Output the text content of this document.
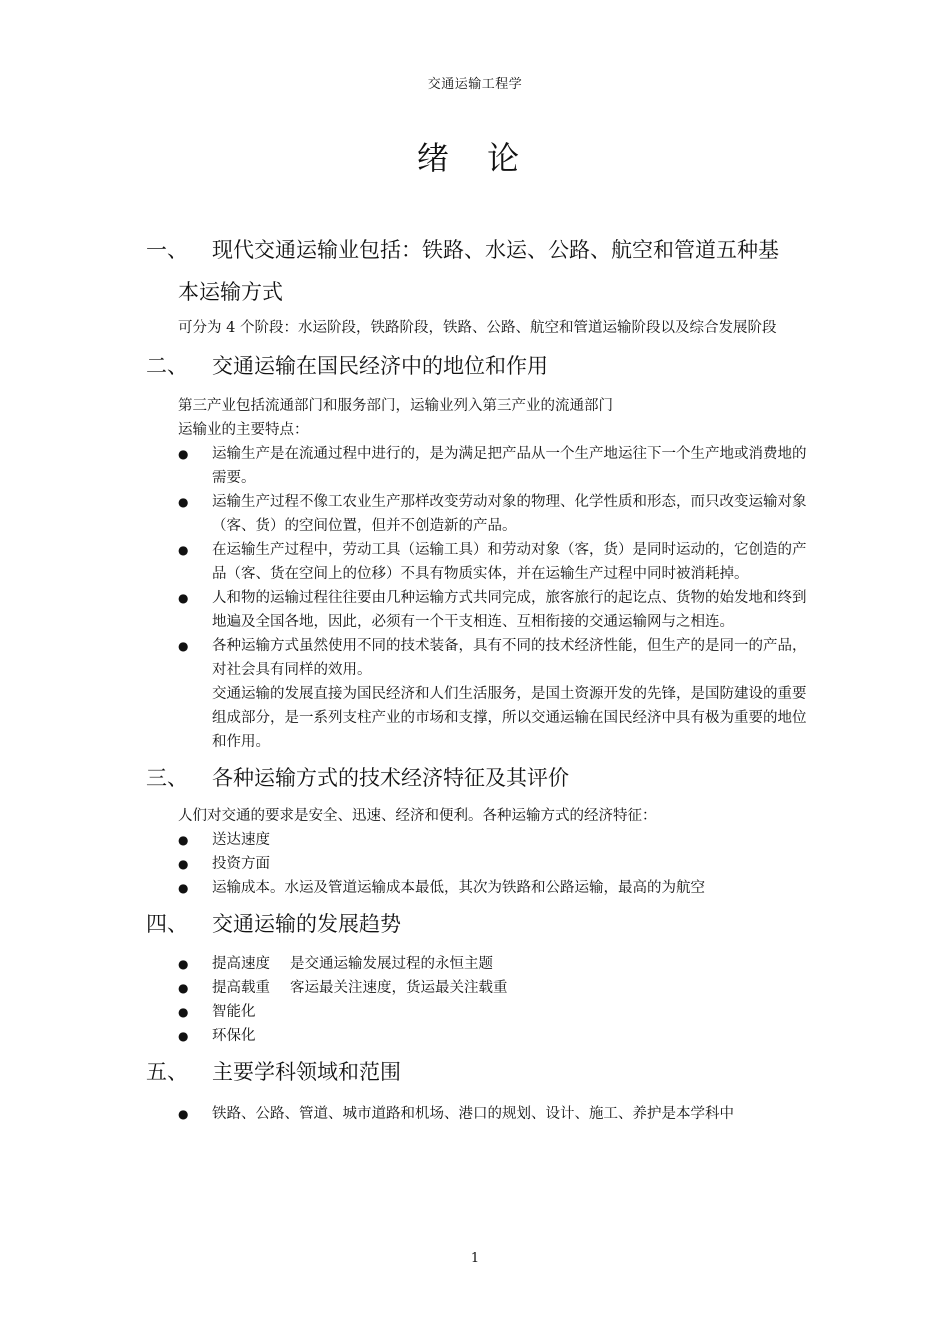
交通运输工程学
绪 论
一、	现代交通运输业包括：铁路、水运、公路、航空和管道五种基
本运输方式

可分为 4 个阶段：水运阶段，铁路阶段，铁路、公路、航空和管道运输阶段以及综合发展阶段

二、	交通运输在国民经济中的地位和作用

第三产业包括流通部门和服务部门，运输业列入第三产业的流通部门

运输业的主要特点：

●
运输生产是在流通过程中进行的，是为满足把产品从一个生产地运往下一个生产地或消费地的需要。
●
运输生产过程不像工农业生产那样改变劳动对象的物理、化学性质和形态，而只改变运输对象（客、货）的空间位置，但并不创造新的产品。
●
在运输生产过程中，劳动工具（运输工具）和劳动对象（客，货）是同时运动的，它创造的产品（客、货在空间上的位移）不具有物质实体，并在运输生产过程中同时被消耗掉。
●
人和物的运输过程往往要由几种运输方式共同完成，旅客旅行的起讫点、货物的始发地和终到地遍及全国各地，因此，必须有一个干支相连、互相衔接的交通运输网与之相连。
●
各种运输方式虽然使用不同的技术装备，具有不同的技术经济性能，但生产的是同一的产品，对社会具有同样的效用。
交通运输的发展直接为国民经济和人们生活服务，是国土资源开发的先锋，是国防建设的重要组成部分，是一系列支柱产业的市场和支撑，所以交通运输在国民经济中具有极为重要的地位和作用。
三、	各种运输方式的技术经济特征及其评价

人们对交通的要求是安全、迅速、经济和便利。各种运输方式的经济特征：

●
送达速度
●
投资方面
●
运输成本。水运及管道运输成本最低，其次为铁路和公路运输，最高的为航空
四、	交通运输的发展趋势
●
提高速度 是交通运输发展过程的永恒主题
●
提高载重 客运最关注速度，货运最关注载重
●
智能化
●
环保化
五、	主要学科领域和范围
●
铁路、公路、管道、城市道路和机场、港口的规划、设计、施工、养护是本学科中
1
